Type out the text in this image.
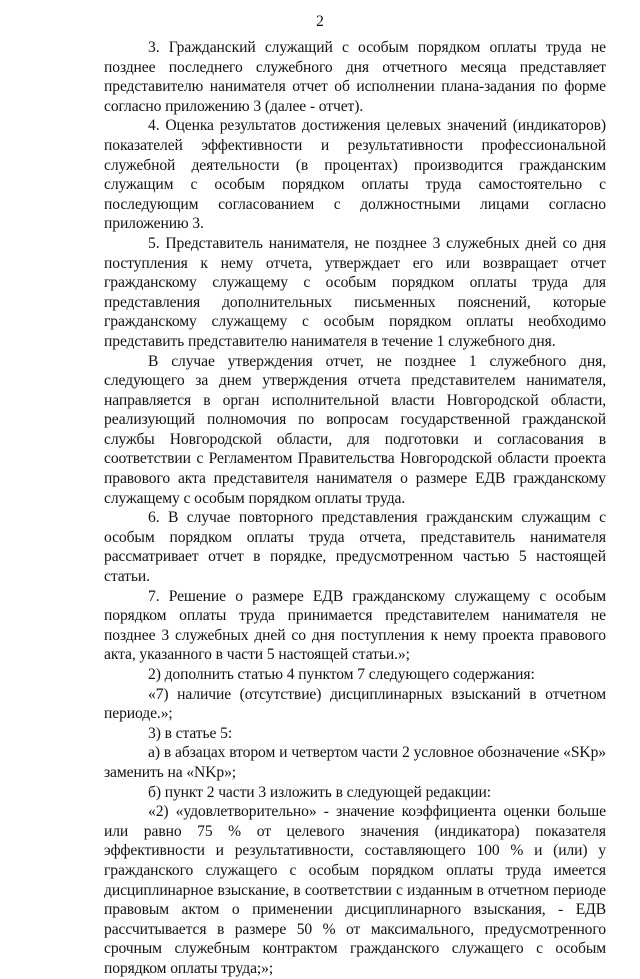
2

3. Гражданский служащий с особым порядком оплаты труда не позднее последнего служебного дня отчетного месяца представляет представителю нанимателя отчет об исполнении плана-задания по форме согласно приложению 3 (далее - отчет).

4. Оценка результатов достижения целевых значений (индикаторов) показателей эффективности и результативности профессиональной служебной деятельности (в процентах) производится гражданским служащим с особым порядком оплаты труда самостоятельно с последующим согласованием с должностными лицами согласно приложению 3.

5. Представитель нанимателя, не позднее 3 служебных дней со дня поступления к нему отчета, утверждает его или возвращает отчет гражданскому служащему с особым порядком оплаты труда для представления дополнительных письменных пояснений, которые гражданскому служащему с особым порядком оплаты необходимо представить представителю нанимателя в течение 1 служебного дня.

В случае утверждения отчет, не позднее 1 служебного дня, следующего за днем утверждения отчета представителем нанимателя, направляется в орган исполнительной власти Новгородской области, реализующий полномочия по вопросам государственной гражданской службы Новгородской области, для подготовки и согласования в соответствии с Регламентом Правительства Новгородской области проекта правового акта представителя нанимателя о размере ЕДВ гражданскому служащему с особым порядком оплаты труда.

6. В случае повторного представления гражданским служащим с особым порядком оплаты труда отчета, представитель нанимателя рассматривает отчет в порядке, предусмотренном частью 5 настоящей статьи.

7. Решение о размере ЕДВ гражданскому служащему с особым порядком оплаты труда принимается представителем нанимателя не позднее 3 служебных дней со дня поступления к нему проекта правового акта, указанного в части 5 настоящей статьи.»;

2) дополнить статью 4 пунктом 7 следующего содержания:

«7) наличие (отсутствие) дисциплинарных взысканий в отчетном периоде.»;

3) в статье 5:

а) в абзацах втором и четвертом части 2 условное обозначение «SKр» заменить на «NKр»;

б) пункт 2 части 3 изложить в следующей редакции:

«2) «удовлетворительно» - значение коэффициента оценки больше или равно 75 % от целевого значения (индикатора) показателя эффективности и результативности, составляющего 100 % и (или) у гражданского служащего с особым порядком оплаты труда имеется дисциплинарное взыскание, в соответствии с изданным в отчетном периоде правовым актом о применении дисциплинарного взыскания, - ЕДВ рассчитывается в размере 50 % от максимального, предусмотренного срочным служебным контрактом гражданского служащего с особым порядком оплаты труда;»;
